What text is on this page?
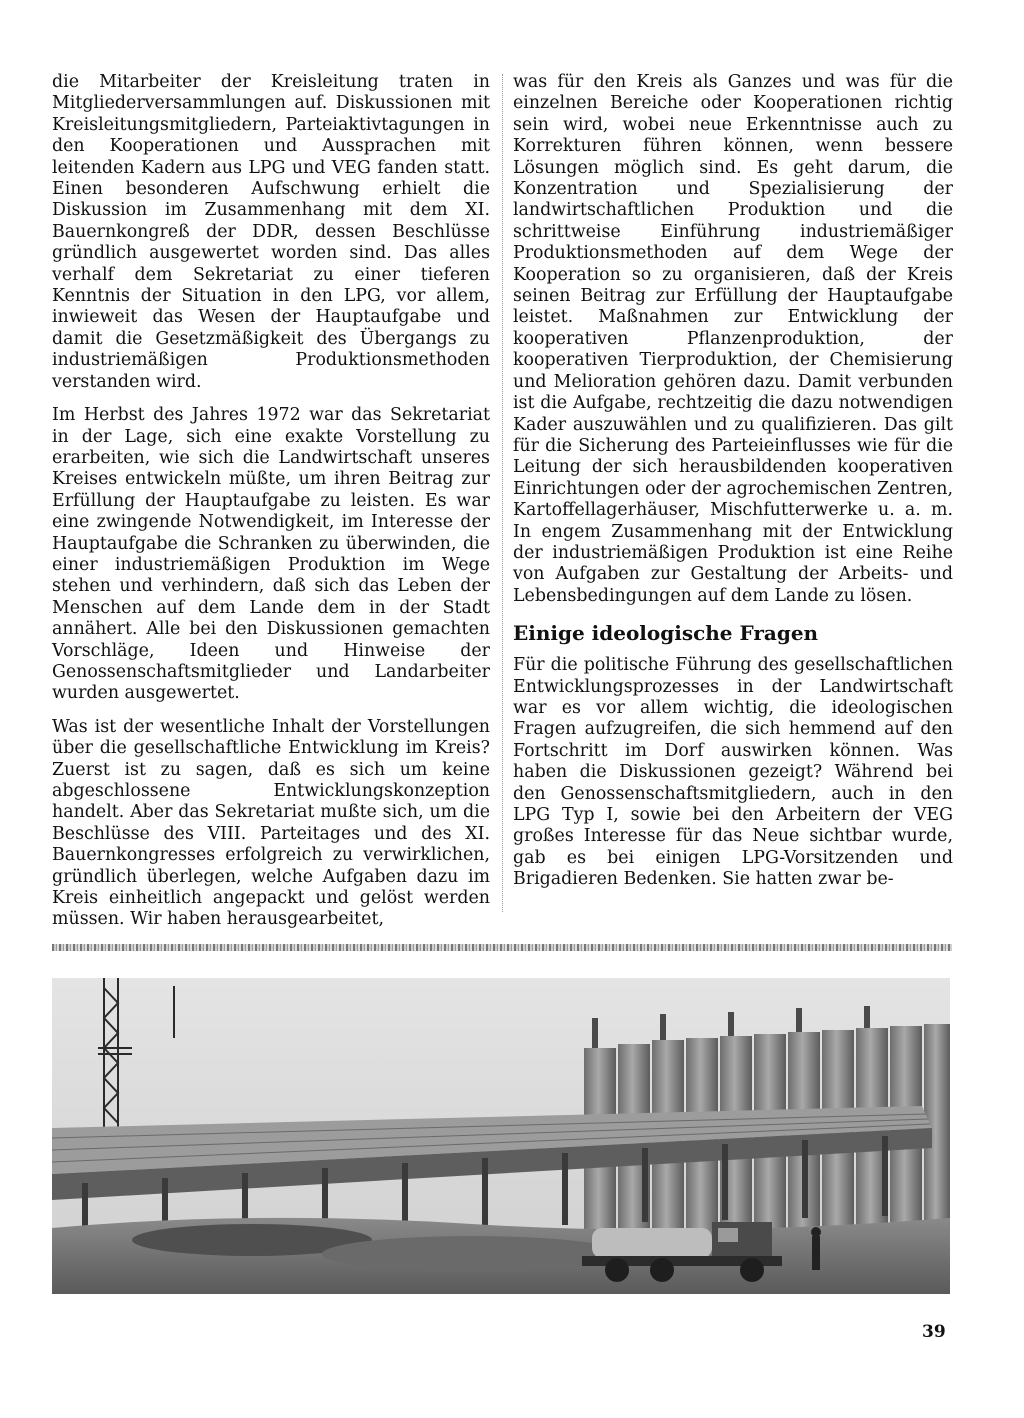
die Mitarbeiter der Kreisleitung traten in Mitgliederversammlungen auf. Diskussionen mit Kreisleitungsmitgliedern, Parteiaktivtagungen in den Kooperationen und Aussprachen mit leitenden Kadern aus LPG und VEG fanden statt. Einen besonderen Aufschwung erhielt die Diskussion im Zusammenhang mit dem XI. Bauernkongreß der DDR, dessen Beschlüsse gründlich ausgewertet worden sind. Das alles verhalf dem Sekretariat zu einer tieferen Kenntnis der Situation in den LPG, vor allem, inwieweit das Wesen der Hauptaufgabe und damit die Gesetzmäßigkeit des Übergangs zu industriemäßigen Produktionsmethoden verstanden wird.

Im Herbst des Jahres 1972 war das Sekretariat in der Lage, sich eine exakte Vorstellung zu erarbeiten, wie sich die Landwirtschaft unseres Kreises entwickeln müßte, um ihren Beitrag zur Erfüllung der Hauptaufgabe zu leisten. Es war eine zwingende Notwendigkeit, im Interesse der Hauptaufgabe die Schranken zu überwinden, die einer industriemäßigen Produktion im Wege stehen und verhindern, daß sich das Leben der Menschen auf dem Lande dem in der Stadt annähert. Alle bei den Diskussionen gemachten Vorschläge, Ideen und Hinweise der Genossenschaftsmitglieder und Landarbeiter wurden ausgewertet.

Was ist der wesentliche Inhalt der Vorstellungen über die gesellschaftliche Entwicklung im Kreis? Zuerst ist zu sagen, daß es sich um keine abgeschlossene Entwicklungskonzeption handelt. Aber das Sekretariat mußte sich, um die Beschlüsse des VIII. Parteitages und des XI. Bauernkongresses erfolgreich zu verwirklichen, gründlich überlegen, welche Aufgaben dazu im Kreis einheitlich angepackt und gelöst werden müssen. Wir haben herausgearbeitet,

was für den Kreis als Ganzes und was für die einzelnen Bereiche oder Kooperationen richtig sein wird, wobei neue Erkenntnisse auch zu Korrekturen führen können, wenn bessere Lösungen möglich sind. Es geht darum, die Konzentration und Spezialisierung der landwirtschaftlichen Produktion und die schrittweise Einführung industriemäßiger Produktionsmethoden auf dem Wege der Kooperation so zu organisieren, daß der Kreis seinen Beitrag zur Erfüllung der Hauptaufgabe leistet. Maßnahmen zur Entwicklung der kooperativen Pflanzenproduktion, der kooperativen Tierproduktion, der Chemisierung und Melioration gehören dazu. Damit verbunden ist die Aufgabe, rechtzeitig die dazu notwendigen Kader auszuwählen und zu qualifizieren. Das gilt für die Sicherung des Parteieinflusses wie für die Leitung der sich herausbildenden kooperativen Einrichtungen oder der agrochemischen Zentren, Kartoffellagerhäuser, Mischfutterwerke u. a. m. In engem Zusammenhang mit der Entwicklung der industriemäßigen Produktion ist eine Reihe von Aufgaben zur Gestaltung der Arbeits- und Lebensbedingungen auf dem Lande zu lösen.

Einige ideologische Fragen

Für die politische Führung des gesellschaftlichen Entwicklungsprozesses in der Landwirtschaft war es vor allem wichtig, die ideologischen Fragen aufzugreifen, die sich hemmend auf den Fortschritt im Dorf auswirken können. Was haben die Diskussionen gezeigt? Während bei den Genossenschaftsmitgliedern, auch in den LPG Typ I, sowie bei den Arbeitern der VEG großes Interesse für das Neue sichtbar wurde, gab es bei einigen LPG-Vorsitzenden und Brigadieren Bedenken. Sie hatten zwar be-

39
